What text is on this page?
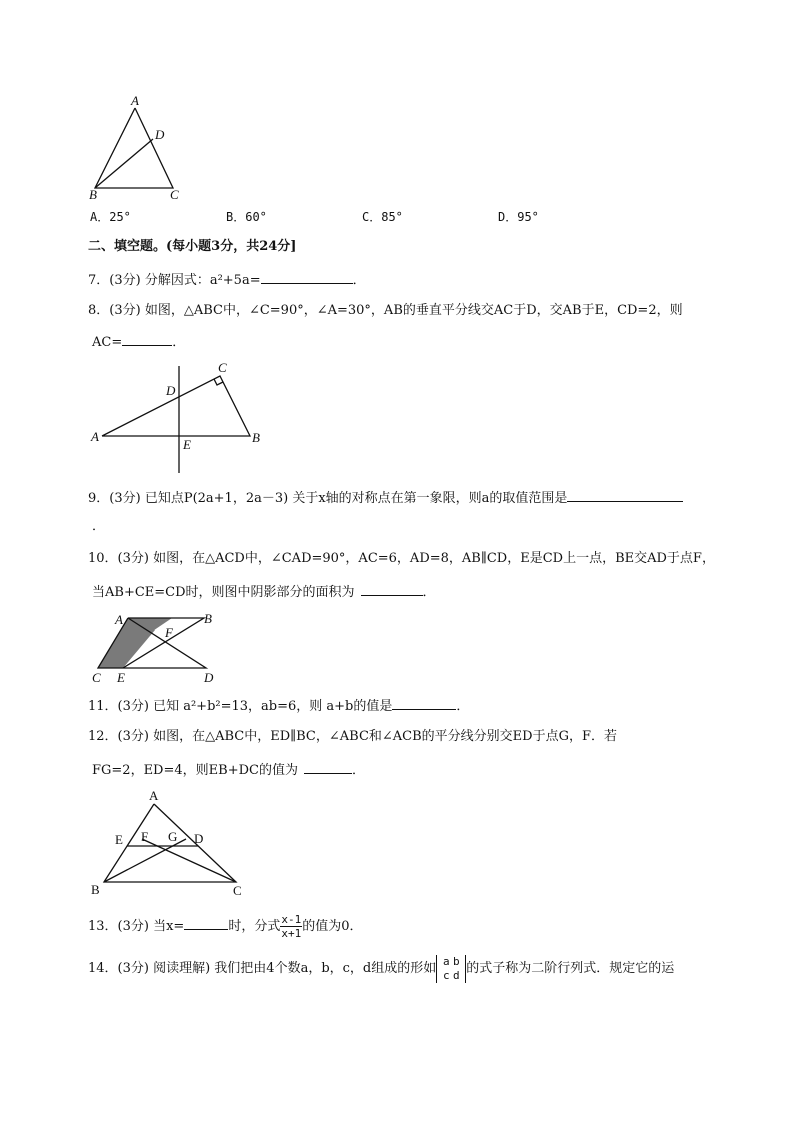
A
D
B	C
A．25°	B．60°	C．85°	D．95°
二、填空题。(每小题3分，共24分]
7．(3分) 分解因式：a²+5a=	．
8．(3分) 如图，△ABC中，∠C=90°，∠A=30°，AB的垂直平分线交AC于D，交AB于E，CD=2，则
AC=	．
C
D
A
E	B
9．(3分) 已知点P(2a+1，2a－3) 关于x轴的对称点在第一象限，则a的取值范围是
．
10．(3分) 如图，在△ACD中，∠CAD=90°，AC=6，AD=8，AB∥CD，E是CD上一点，BE交AD于点F，
当AB+CE=CD时，则图中阴影部分的面积为	．
A	B
F
C E	D
11．(3分) 已知 a²+b²=13，ab=6，则 a+b的值是	．
12．(3分) 如图，在△ABC中，ED∥BC，∠ABC和∠ACB的平分线分别交ED于点G，F．若
FG=2，ED=4，则EB+DC的值为	．
A
E F G D
B	C
13．(3分) 当x=	时，分式 $\frac{x-1}{x+1}$ 的值为0．
14．(3分) 阅读理解) 我们把由4个数a，b，c，d组成的形如 a b
c d 的式子称为二阶行列式．规定它的运
